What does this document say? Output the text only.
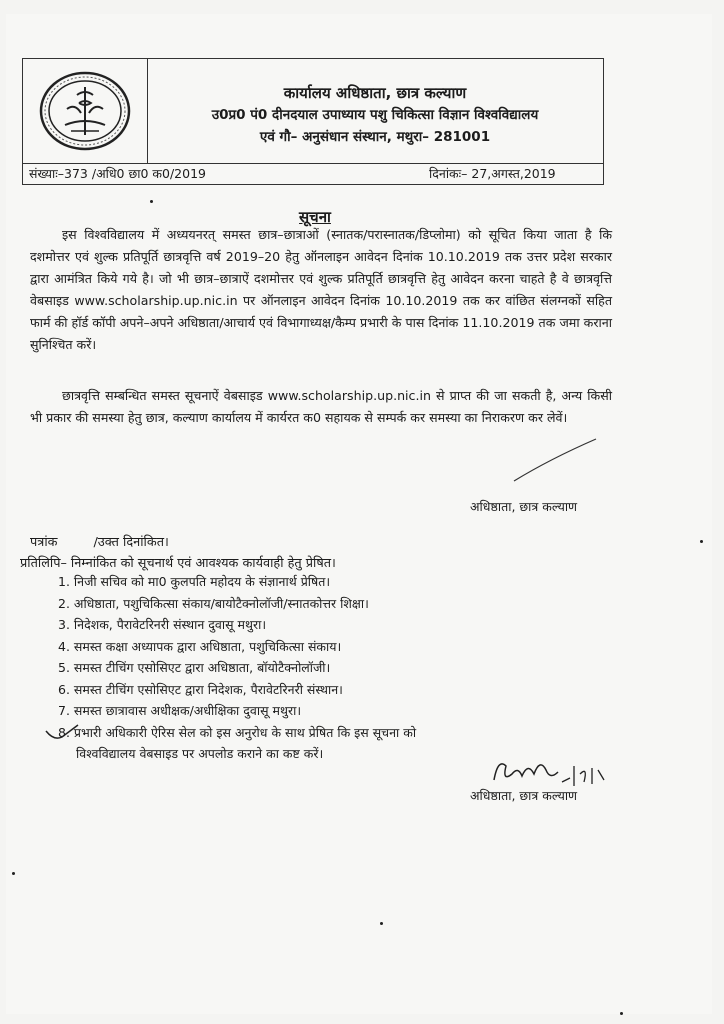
कार्यालय अधिष्ठाता, छात्र कल्याण
उ0प्र0 पं0 दीनदयाल उपाध्याय पशु चिकित्सा विज्ञान विश्वविद्यालय
एवं गौ– अनुसंधान संस्थान, मथुरा– 281001
संख्याः–373 /अधि0 छा0 क0/2019	दिनांकः– 27,अगस्त,2019
सूचना
इस विश्वविद्यालय में अध्ययनरत् समस्त छात्र–छात्राओं (स्नातक/परास्नातक/डिप्लोमा) को सूचित किया जाता है कि दशमोत्तर एवं शुल्क प्रतिपूर्ति छात्रवृत्ति वर्ष 2019–20 हेतु ऑनलाइन आवेदन दिनांक 10.10.2019 तक उत्तर प्रदेश सरकार द्वारा आमंत्रित किये गये है। जो भी छात्र–छात्राऐं दशमोत्तर एवं शुल्क प्रतिपूर्ति छात्रवृत्ति हेतु आवेदन करना चाहते है वे छात्रवृत्ति वेबसाइड www.scholarship.up.nic.in पर ऑनलाइन आवेदन दिनांक 10.10.2019 तक कर वांछित संलग्नकों सहित फार्म की हॉर्ड कॉपी अपने–अपने अधिष्ठाता/आचार्य एवं विभागाध्यक्ष/कैम्प प्रभारी के पास दिनांक 11.10.2019 तक जमा कराना सुनिश्चित करें।
छात्रवृत्ति सम्बन्धित समस्त सूचनाऐं वेबसाइड www.scholarship.up.nic.in से प्राप्त की जा सकती है, अन्य किसी भी प्रकार की समस्या हेतु छात्र, कल्याण कार्यालय में कार्यरत क0 सहायक से सम्पर्क कर समस्या का निराकरण कर लेवें।
अधिष्ठाता, छात्र कल्याण
पत्रांक	/उक्त दिनांकित।
प्रतिलिपि– निम्नांकित को सूचनार्थ एवं आवश्यक कार्यवाही हेतु प्रेषित।
1. निजी सचिव को मा0 कुलपति महोदय के संज्ञानार्थ प्रेषित।
2. अधिष्ठाता, पशुचिकित्सा संकाय/बायोटैक्नोलॉजी/स्नातकोत्तर शिक्षा।
3. निदेशक, पैरावेटरिनरी संस्थान दुवासू मथुरा।
4. समस्त कक्षा अध्यापक द्वारा अधिष्ठाता, पशुचिकित्सा संकाय।
5. समस्त टीचिंग एसोसिएट द्वारा अधिष्ठाता, बॉयोटैक्नोलॉजी।
6. समस्त टीचिंग एसोसिएट द्वारा निदेशक, पैरावेटरिनरी संस्थान।
7. समस्त छात्रावास अधीक्षक/अधीक्षिका दुवासू मथुरा।
8. प्रभारी अधिकारी ऐरिस सेल को इस अनुरोध के साथ प्रेषित कि इस सूचना को
विश्वविद्यालय वेबसाइड पर अपलोड कराने का कष्ट करें।
अधिष्ठाता, छात्र कल्याण
